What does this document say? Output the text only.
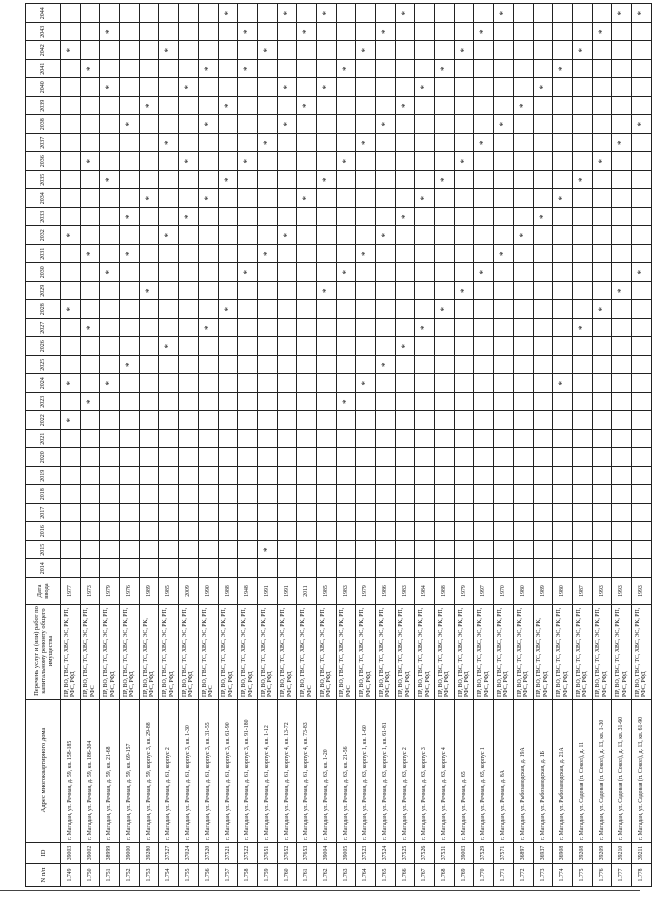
N п/п	ID	Адрес многоквартирного дома	Перечень услуг и (или) работ по капитальному ремонту общего имущества	Дата ввода	2014	2015	2016	2017	2018	2019	2020	2021	2022	2023	2024	2025	2026	2027	2028	2029	2030	2031	2032	2033	2034	2035	2036	2037	2038	2039	2040	2041	2042	2043	2044
1.749	39003	г. Магадан, ул. Речная, д. 59, кв. 158-185	ПР, ВО, ГВС, ТС, ХВС, ЭС, РК, РП, РФС, РФД	1977									*		*				*				*										*		
1.750	39002	г. Магадан, ул. Речная, д. 59, кв. 186-304	ПР, ВО, ГВС, ТС, ХВС, ЭС, РК, РП, РФС	1973										*				*				*					*					*			
1.751	38999	г. Магадан, ул. Речная, д. 59, кв. 21-68	ПР, ВО, ГВС, ТС, ХВС, ЭС, РК, РП, РФС, РФД	1979											*						*					*					*			*	
1.752	39000	г. Магадан, ул. Речная, д. 59, кв. 69-157	ПР, ВО, ГВС, ТС, ХВС, ЭС, РК, РП, РФС, РФД	1976												*						*		*					*						
1.753	39280	г. Магадан, ул. Речная, д. 59, корпус 3, кв. 29-88	ПР, ВО, ГВС, ТС, ХВС, ЭС, РК, РФС, РФД	1989																*					*					*					
1.754	37527	г. Магадан, ул. Речная, д. 61, корпус 2	ПР, ВО, ГВС, ТС, ХВС, ЭС, РК, РП, РФС, РФД	1985													*						*					*					*		
1.755	37024	г. Магадан, ул. Речная, д. 61, корпус 3, кв. 1-30	ПР, ВО, ГВС, ТС, ХВС, ЭС, РК, РП, РФС, РФД	2009																				*			*				*				
1.756	37520	г. Магадан, ул. Речная, д. 61, корпус 3, кв. 31-55	ПР, ВО, ГВС, ТС, ХВС, ЭС, РК, РП, РФС	1990														*							*				*			*			
1.757	37521	г. Магадан, ул. Речная, д. 61, корпус 3, кв. 61-90	ПР, ВО, ГВС, ТС, ХВС, ЭС, РК, РП, РФС, РФД	1988															*							*				*					*
1.758	37522	г. Магадан, ул. Речная, д. 61, корпус 3, кв. 91-180	ПР, ВО, ГВС, ТС, ХВС, ЭС, РК, РП, РФС, РФД	1948																	*						*					*		*	
1.759	37651	г. Магадан, ул. Речная, д. 61, корпус 4, кв. 1-12	ПР, ВО, ГВС, ТС, ХВС, ЭС, РК, РП, РФС, РФД	1991		*																*						*					*		
1.760	37652	г. Магадан, ул. Речная, д. 61, корпус 4, кв. 13-72	ПР, ВО, ГВС, ТС, ХВС, ЭС, РК, РП, РФС, РФД	1991																			*						*		*				*
1.761	37653	г. Магадан, ул. Речная, д. 61, корпус 4, кв. 73-83	ПР, ВО, ГВС, ТС, ХВС, ЭС, РК, РП, РФС	2011																					*					*				*	
1.762	39004	г. Магадан, ул. Речная, д. 63, кв. 1-20	ПР, ВО, ГВС, ТС, ХВС, ЭС, РК, РП, РФС, РФД	1985																*						*					*				*
1.763	39005	г. Магадан, ул. Речная, д. 63, кв. 21-56	ПР, ВО, ГВС, ТС, ХВС, ЭС, РК, РП, РФС	1983										*							*						*					*			
1.764	37523	г. Магадан, ул. Речная, д. 63, корпус 1, кв. 1-60	ПР, ВО, ГВС, ТС, ХВС, ЭС, РК, РП, РФС, РФД	1979											*							*						*					*		
1.765	37524	г. Магадан, ул. Речная, д. 63, корпус 1, кв. 61-81	ПР, ВО, ГВС, ТС, ХВС, ЭС, РК, РП, РФС, РФД	1986												*							*						*					*	
1.766	37525	г. Магадан, ул. Речная, д. 63, корпус 2	ПР, ВО, ГВС, ТС, ХВС, ЭС, РК, РП, РФС, РФД	1983													*							*						*					*
1.767	37526	г. Магадан, ул. Речная, д. 63, корпус 3	ПР, ВО, ГВС, ТС, ХВС, ЭС, РК, РП, РФС, РФД	1984														*							*						*				
1.768	37531	г. Магадан, ул. Речная, д. 63, корпус 4	ПР, ВО, ГВС, ТС, ХВС, ЭС, РК, РП, РФС, РФД	1988															*							*						*			
1.769	39003	г. Магадан, ул. Речная, д. 65	ПР, ВО, ГВС, ТС, ХВС, ЭС, РК, РП, РФС, РФД	1979																*							*						*		
1.770	37529	г. Магадан, ул. Речная, д. 65, корпус 1	ПР, ВО, ГВС, ТС, ХВС, ЭС, РК, РП, РФС, РФД	1997																	*							*						*	
1.771	37571	г. Магадан, ул. Речная, д. 8А	ПР, ВО, ГВС, ТС, ХВС, ЭС, РК, РП, РФС, РФД	1970																		*							*						*
1.772	36897	г. Магадан, ул. Рыбозаводская, д. 19А	ПР, ВО, ГВС, ТС, ХВС, ЭС, РК, РП, РФС, РФД	1980																			*							*					
1.773	36937	г. Магадан, ул. Рыбозаводская, д. 1Б	ПР, ВО, ГВС, ТС, ХВС, ЭС, РК, РФС, РФД	1989																				*							*				
1.774	36908	г. Магадан, ул. Рыбозаводская, д. 21А	ПР, ВО, ГВС, ТС, ХВС, ЭС, РК, РП, РФС, РФД	1980											*										*							*			
1.775	39208	г. Магадан, ул. Садовая (п. Сокол), д. 11	ПР, ВО, ГВС, ТС, ХВС, ЭС, РК, РП, РФС, РФД	1987														*								*							*		
1.776	39209	г. Магадан, ул. Садовая (п. Сокол), д. 13, кв. 1-30	ПР, ВО, ГВС, ТС, ХВС, ЭС, РК, РП, РФС, РФД	1993															*								*							*	
1.777	39210	г. Магадан, ул. Садовая (п. Сокол), д. 13, кв. 31-60	ПР, ВО, ГВС, ТС, ХВС, ЭС, РК, РП, РФС, РФД	1993																*								*							*
1.778	39211	г. Магадан, ул. Садовая (п. Сокол), д. 13, кв. 61-90	ПР, ВО, ГВС, ТС, ХВС, ЭС, РК, РП, РФС, РФД	1993																	*								*						*
